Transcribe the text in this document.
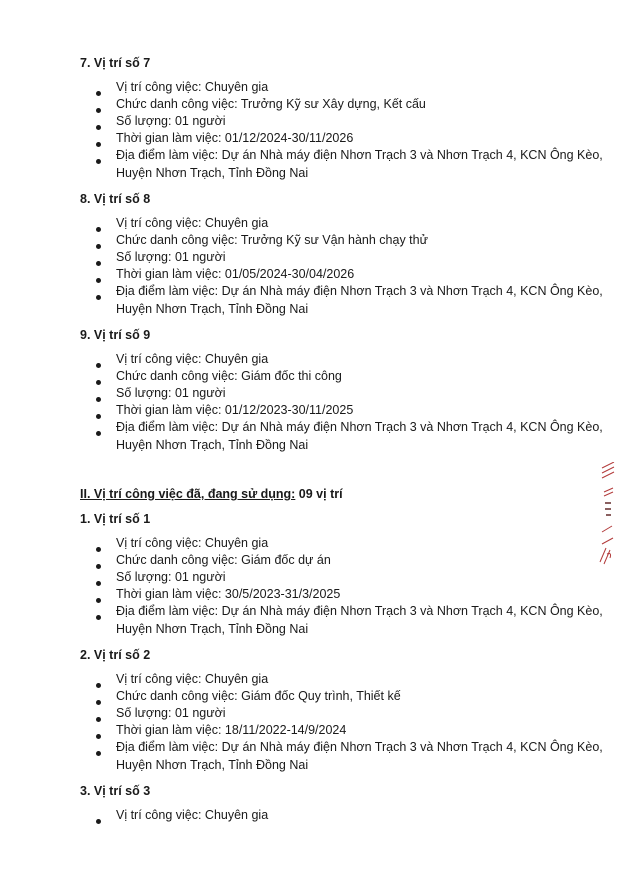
7. Vị trí số 7
Vị trí công việc: Chuyên gia
Chức danh công việc: Trưởng Kỹ sư Xây dựng, Kết cấu
Số lượng: 01 người
Thời gian làm việc: 01/12/2024-30/11/2026
Địa điểm làm việc: Dự án Nhà máy điện Nhơn Trạch 3 và Nhơn Trạch 4, KCN Ông Kèo,
Huyện Nhơn Trạch, Tỉnh Đồng Nai
8. Vị trí số 8
Vị trí công việc: Chuyên gia
Chức danh công việc: Trưởng Kỹ sư Vận hành chạy thử
Số lượng: 01 người
Thời gian làm việc: 01/05/2024-30/04/2026
Địa điểm làm việc: Dự án Nhà máy điện Nhơn Trạch 3 và Nhơn Trạch 4, KCN Ông Kèo,
Huyện Nhơn Trạch, Tỉnh Đồng Nai
9. Vị trí số 9
Vị trí công việc: Chuyên gia
Chức danh công việc: Giám đốc thi công
Số lượng: 01 người
Thời gian làm việc: 01/12/2023-30/11/2025
Địa điểm làm việc: Dự án Nhà máy điện Nhơn Trạch 3 và Nhơn Trạch 4, KCN Ông Kèo,
Huyện Nhơn Trạch, Tỉnh Đồng Nai
II. Vị trí công việc đã, đang sử dụng: 09 vị trí
1. Vị trí số 1
Vị trí công việc: Chuyên gia
Chức danh công việc: Giám đốc dự án
Số lượng: 01 người
Thời gian làm việc: 30/5/2023-31/3/2025
Địa điểm làm việc: Dự án Nhà máy điện Nhơn Trạch 3 và Nhơn Trạch 4, KCN Ông Kèo,
Huyện Nhơn Trạch, Tỉnh Đồng Nai
2. Vị trí số 2
Vị trí công việc: Chuyên gia
Chức danh công việc: Giám đốc Quy trình, Thiết kế
Số lượng: 01 người
Thời gian làm việc: 18/11/2022-14/9/2024
Địa điểm làm việc: Dự án Nhà máy điện Nhơn Trạch 3 và Nhơn Trạch 4, KCN Ông Kèo,
Huyện Nhơn Trạch, Tỉnh Đồng Nai
3. Vị trí số 3
Vị trí công việc: Chuyên gia
